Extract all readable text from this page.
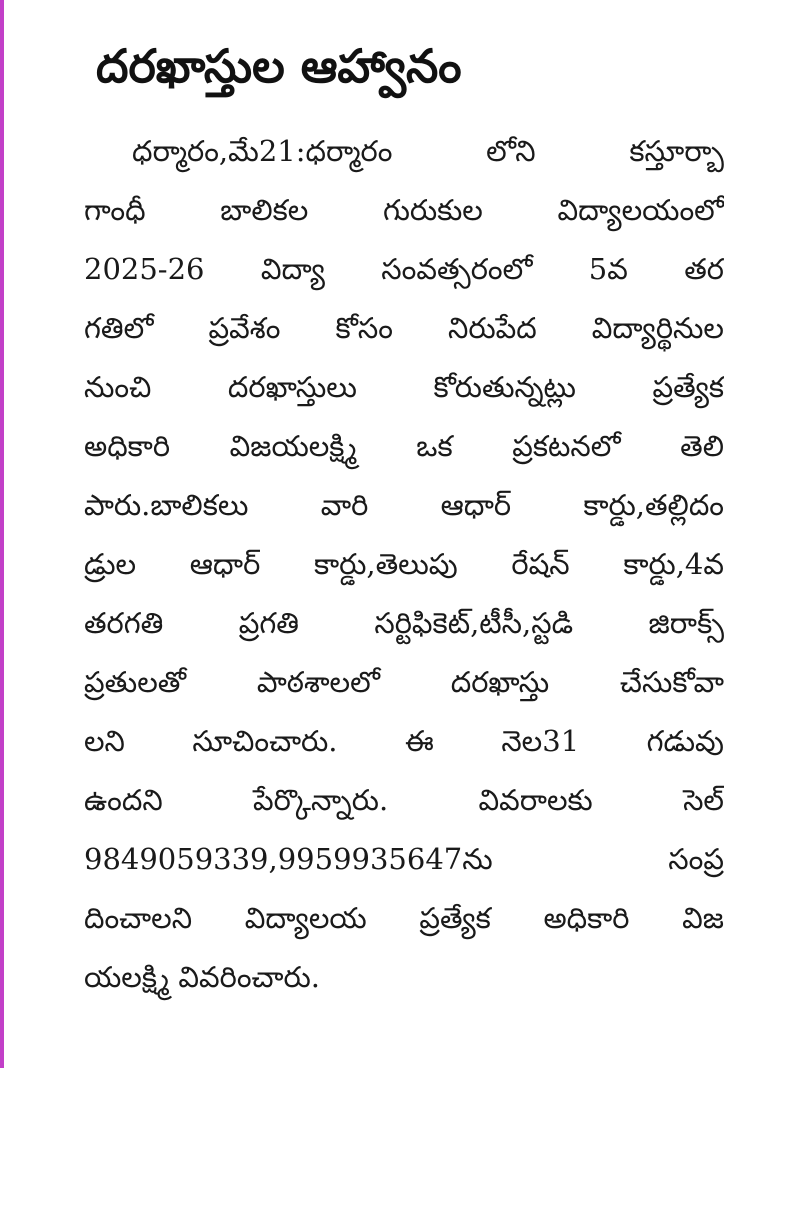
దరఖాస్తుల ఆహ్వానం
ధర్మారం,మే21:ధర్మారం లోని కస్తూర్బా
గాంధీ బాలికల గురుకుల విద్యాలయంలో
2025-26 విద్యా సంవత్సరంలో 5వ తర
గతిలో ప్రవేశం కోసం నిరుపేద విద్యార్థినుల
నుంచి దరఖాస్తులు కోరుతున్నట్లు ప్రత్యేక
అధికారి విజయలక్ష్మి ఒక ప్రకటనలో తెలి
పారు.బాలికలు వారి ఆధార్ కార్డు,తల్లిదం
డ్రుల ఆధార్ కార్డు,తెలుపు రేషన్ కార్డు,4వ
తరగతి ప్రగతి సర్టిఫికెట్,టీసీ,స్టడి జిరాక్స్
ప్రతులతో పాఠశాలలో దరఖాస్తు చేసుకోవా
లని సూచించారు. ఈ నెల31 గడువు
ఉందని పేర్కొన్నారు. వివరాలకు సెల్
9849059339,9959935647ను సంప్ర
దించాలని విద్యాలయ ప్రత్యేక అధికారి విజ
యలక్ష్మి వివరించారు.
